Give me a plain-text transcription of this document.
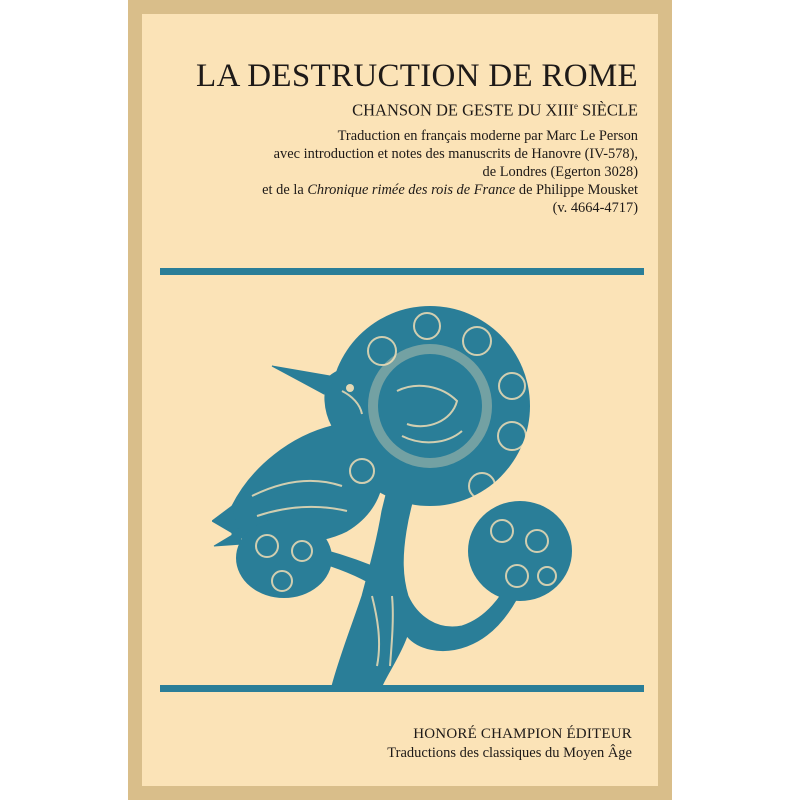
LA DESTRUCTION DE ROME
CHANSON DE GESTE DU XIIIe SIÈCLE
Traduction en français moderne par Marc Le Person
avec introduction et notes des manuscrits de Hanovre (IV-578),
de Londres (Egerton 3028)
et de la Chronique rimée des rois de France de Philippe Mousket
(v. 4664-4717)
HONORÉ CHAMPION ÉDITEUR
Traductions des classiques du Moyen Âge
